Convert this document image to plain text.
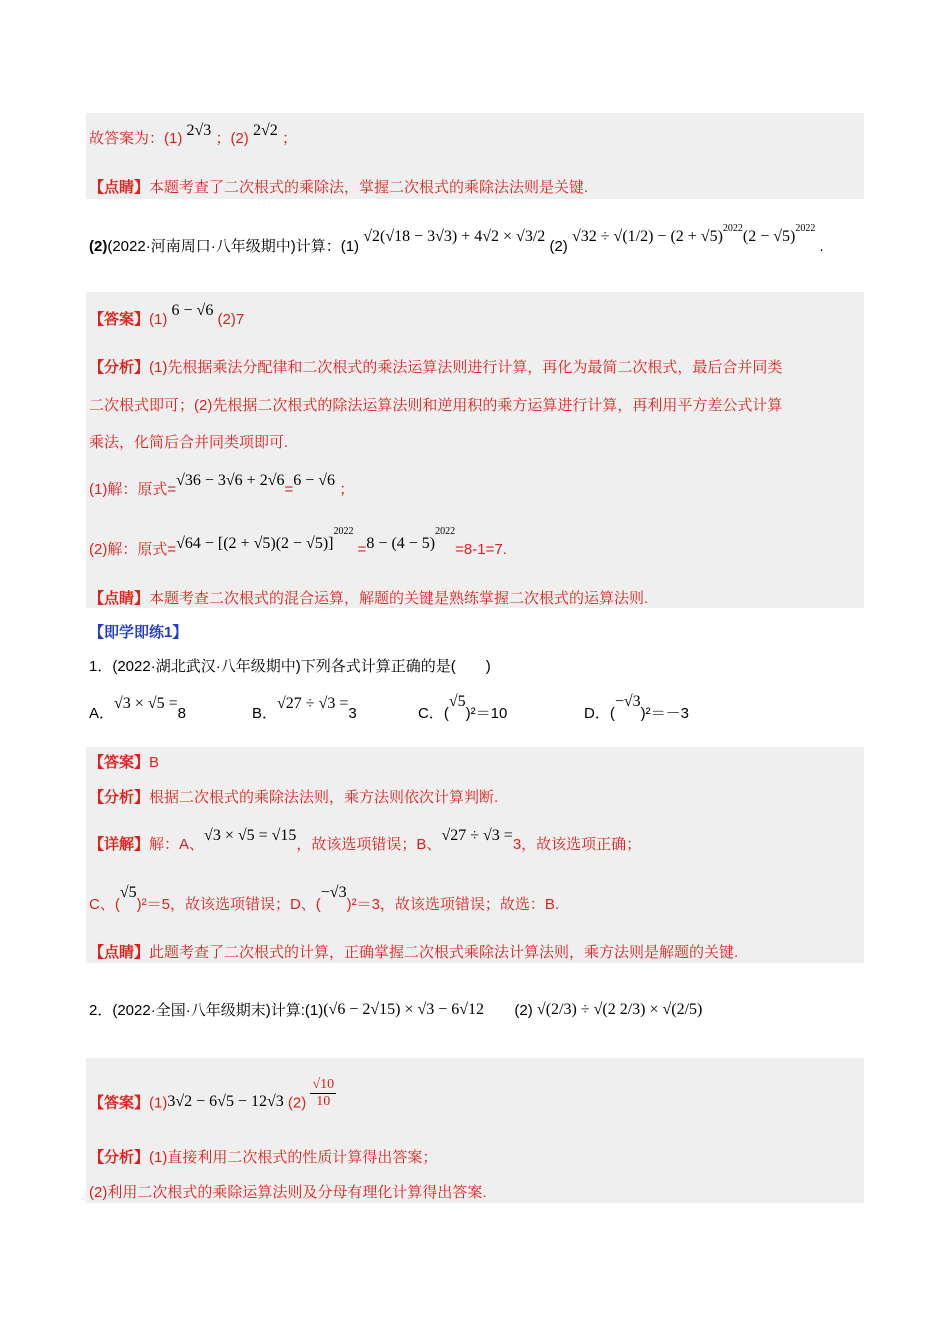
故答案为：(1) 2√3 ；(2) 2√2 ；
【点睛】本题考查了二次根式的乘除法，掌握二次根式的乘除法法则是关键.
(2)(2022·河南周口·八年级期中)计算：(1) √2(√18 − 3√3) + 4√2 × √3/2 (2) √32 ÷ √(1/2) − (2 + √5)2022(2 − √5)2022 .
【答案】(1) 6 − √6 (2)7
【分析】(1)先根据乘法分配律和二次根式的乘法运算法则进行计算，再化为最简二次根式，最后合并同类
二次根式即可；(2)先根据二次根式的除法运算法则和逆用积的乘方运算进行计算，再利用平方差公式计算
乘法，化简后合并同类项即可.
(1)解：原式=√36 − 3√6 + 2√6=6 − √6 ；
(2)解：原式=√64 − [(2 + √5)(2 − √5)]2022 =8 − (4 − 5)2022=8-1=7.
【点睛】本题考查二次根式的混合运算，解题的关键是熟练掌握二次根式的运算法则.
【即学即练1】
1．(2022·湖北武汉·八年级期中)下列各式计算正确的是(　　)
A．√3 × √5 =8	B．√27 ÷ √3 =3	C．(√5)²＝10	D．(−√3)²＝－3
【答案】B
【分析】根据二次根式的乘除法法则，乘方法则依次计算判断.
【详解】解：A、√3 × √5 = √15，故该选项错误；B、√27 ÷ √3 =3，故该选项正确；
C、(√5)²＝5，故该选项错误；D、(−√3)²＝3，故该选项错误；故选：B.
【点睛】此题考查了二次根式的计算，正确掌握二次根式乘除法计算法则，乘方法则是解题的关键.
2．(2022·全国·八年级期末)计算:(1)(√6 − 2√15) × √3 − 6√12 (2) √(2/3) ÷ √(2 2/3) × √(2/5)
【答案】(1)3√2 − 6√5 − 12√3 $(2) \frac{√10}{10}$
【分析】(1)直接利用二次根式的性质计算得出答案；
(2)利用二次根式的乘除运算法则及分母有理化计算得出答案.
